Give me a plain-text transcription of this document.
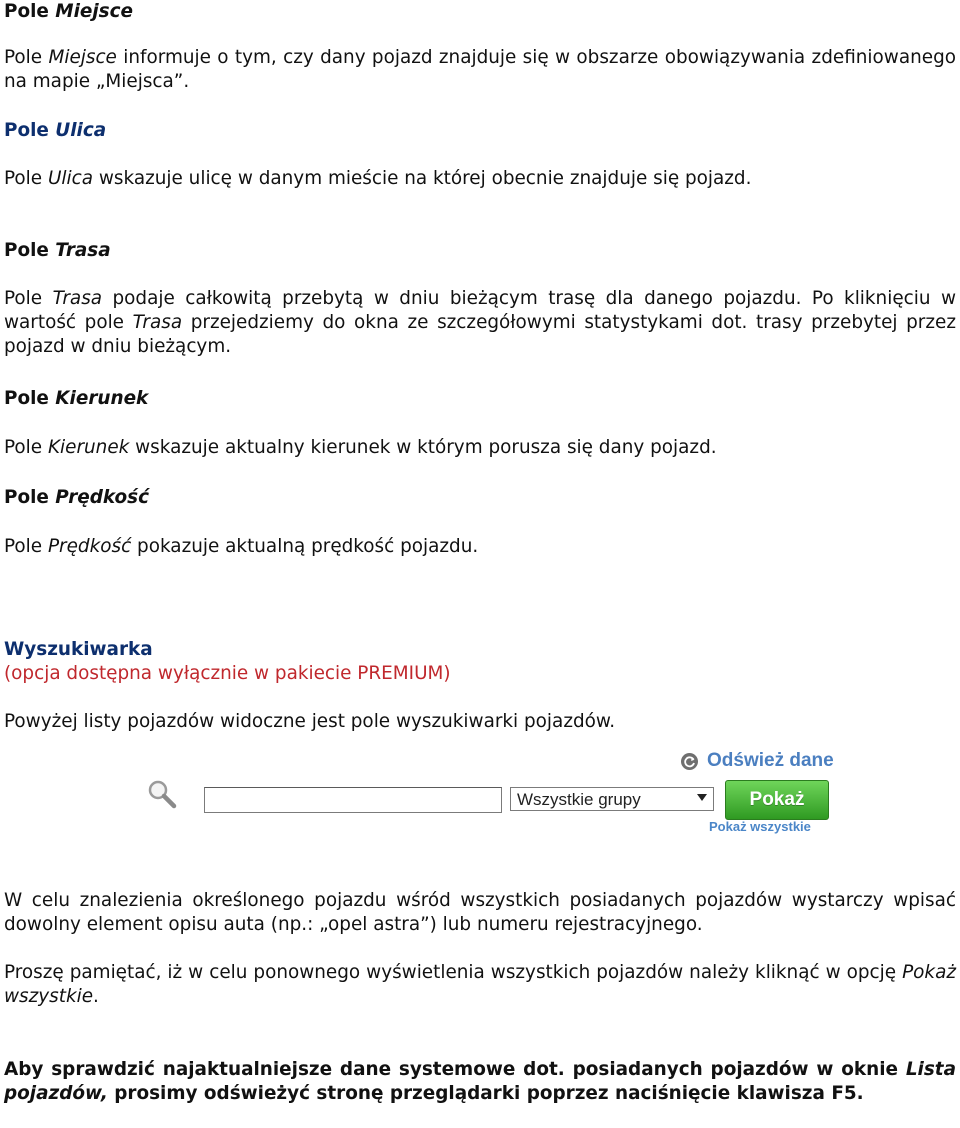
Pole Miejsce
Pole Miejsce informuje o tym, czy dany pojazd znajduje się w obszarze obowiązywania zdefiniowanego na mapie „Miejsca”.
Pole Ulica
Pole Ulica wskazuje ulicę w danym mieście na której obecnie znajduje się pojazd.
Pole Trasa
Pole Trasa podaje całkowitą przebytą w dniu bieżącym trasę dla danego pojazdu. Po kliknięciu w wartość pole Trasa przejedziemy do okna ze szczegółowymi statystykami dot. trasy przebytej przez pojazd w dniu bieżącym.
Pole Kierunek
Pole Kierunek wskazuje aktualny kierunek w którym porusza się dany pojazd.
Pole Prędkość
Pole Prędkość pokazuje aktualną prędkość pojazdu.
Wyszukiwarka
(opcja dostępna wyłącznie w pakiecie PREMIUM)
Powyżej listy pojazdów widoczne jest pole wyszukiwarki pojazdów.
Wszystkie grupy
Odśwież dane
Pokaż
Pokaż wszystkie
W celu znalezienia określonego pojazdu wśród wszystkich posiadanych pojazdów wystarczy wpisać dowolny element opisu auta (np.: „opel astra”) lub numeru rejestracyjnego.
Proszę pamiętać, iż w celu ponownego wyświetlenia wszystkich pojazdów należy kliknąć w opcję Pokaż wszystkie.
Aby sprawdzić najaktualniejsze dane systemowe dot. posiadanych pojazdów w oknie Lista pojazdów, prosimy odświeżyć stronę przeglądarki poprzez naciśnięcie klawisza F5.
